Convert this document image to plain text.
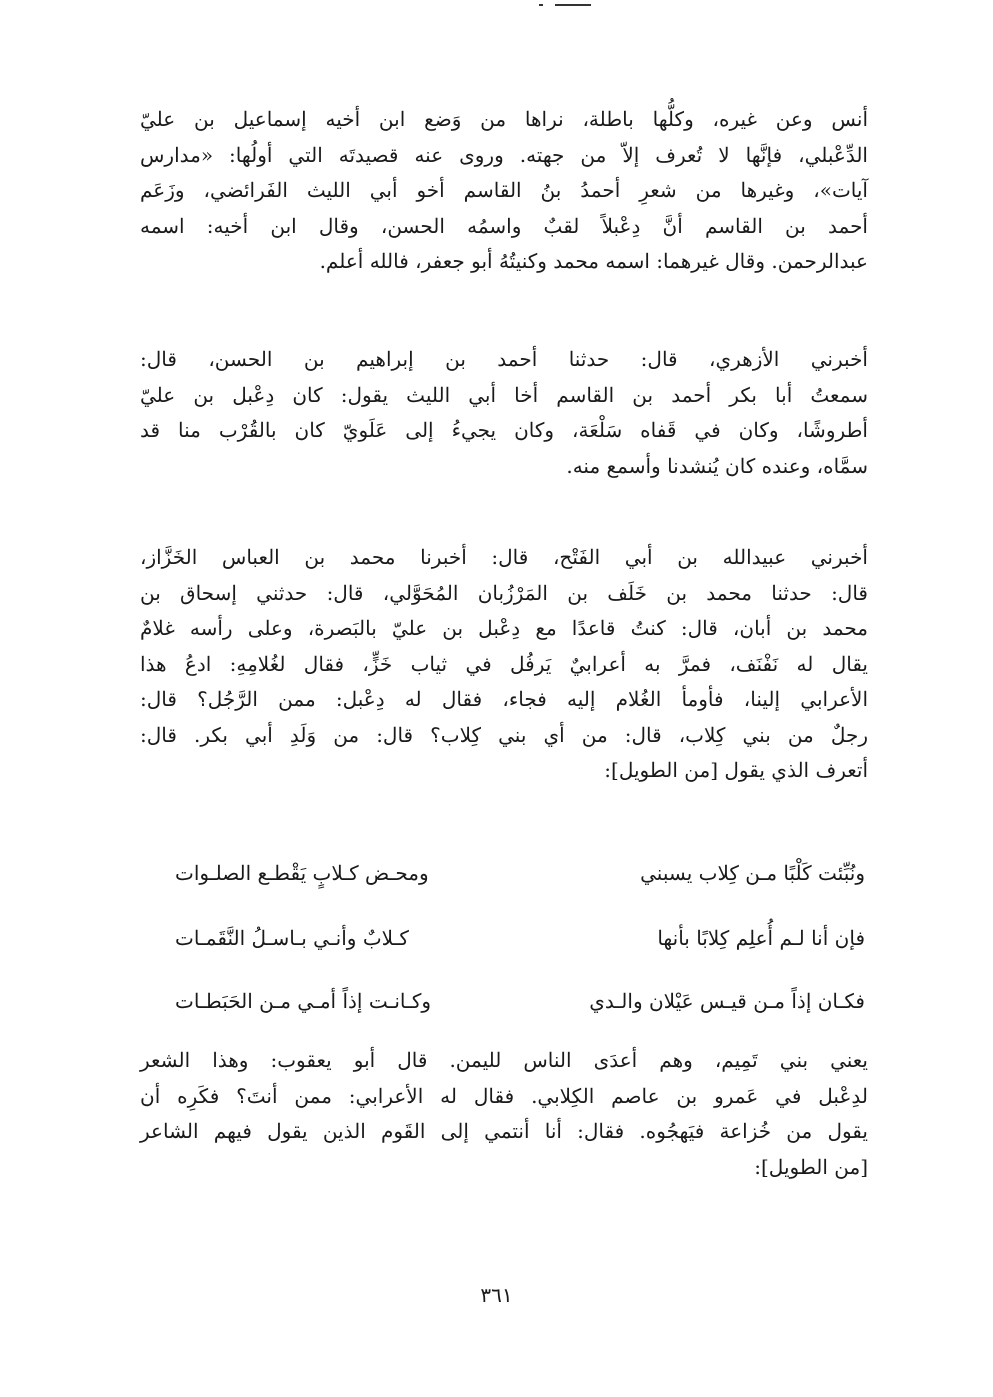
أنس وعن غيره، وكلُّها باطلة، نراها من وَضع ابن أخيه إسماعيل بن عليّ
الدِّعْبلي، فإنَّها لا تُعرف إلاّ من جهته. وروى عنه قصيدتَه التي أولُها: «مدارس
آيات»، وغيرها من شعرِ أحمدُ بنُ القاسم أخو أبي الليث الفَرائضي، وزَعَم
أحمد بن القاسم أنَّ دِعْبلاً لقبٌ واسمُه الحسن، وقال ابن أخيه: اسمه
عبدالرحمن. وقال غيرهما: اسمه محمد وكنيتُهُ أبو جعفر، فالله أعلم.
أخبرني الأزهري، قال: حدثنا أحمد بن إبراهيم بن الحسن، قال:
سمعتُ أبا بكر أحمد بن القاسم أخا أبي الليث يقول: كان دِعْبل بن عليّ
أطروشًا، وكان في قَفاه سَلْعَة، وكان يجيءُ إلى عَلَويّ كان بالقُرْب منا قد
سمَّاه، وعنده كان يُنشدنا وأسمع منه.
أخبرني عبيدالله بن أبي الفَتْح، قال: أخبرنا محمد بن العباس الخَزَّاز،
قال: حدثنا محمد بن خَلَف بن المَرْزُبان المُحَوَّلي، قال: حدثني إسحاق بن
محمد بن أبان، قال: كنتُ قاعدًا مع دِعْبل بن عليّ بالبَصرة، وعلى رأسه غلامٌ
يقال له نَفْنَف، فمرَّ به أعرابيٌ يَرفُل في ثياب خَزٍّ، فقال لغُلامِهِ: ادعُ هذا
الأعرابي إلينا، فأومأ الغُلام إليه فجاء، فقال له دِعْبل: ممن الرَّجُل؟ قال:
رجلٌ من بني كِلاب، قال: من أي بني كِلاب؟ قال: من وَلَدِ أبي بكر. قال:
أتعرف الذي يقول [من الطويل]:
ونُبِّئت كَلْبًا مـن كِلاب يسبني
ومحـض كـلابٍ يَقْطـع الصلـوات
فإن أنا لـم أُعلِم كِلابًا بأنها
كـلابٌ وأنـي بـاسـلُ النَّقَمـات
فكـان إذاً مـن قيـس عَيْلان والـدي
وكـانـت إذاً أمـي مـن الحَبَطـات
يعني بني تَمِيم، وهم أعدَى الناس لليمن. قال أبو يعقوب: وهذا الشعر
لدِعْبل في عَمرو بن عاصم الكِلابي. فقال له الأعرابي: ممن أنتَ؟ فكَرِه أن
يقول من خُزاعة فيَهجُوه. فقال: أنا أنتمي إلى القَوم الذين يقول فيهم الشاعر
[من الطويل]:
٣٦١
